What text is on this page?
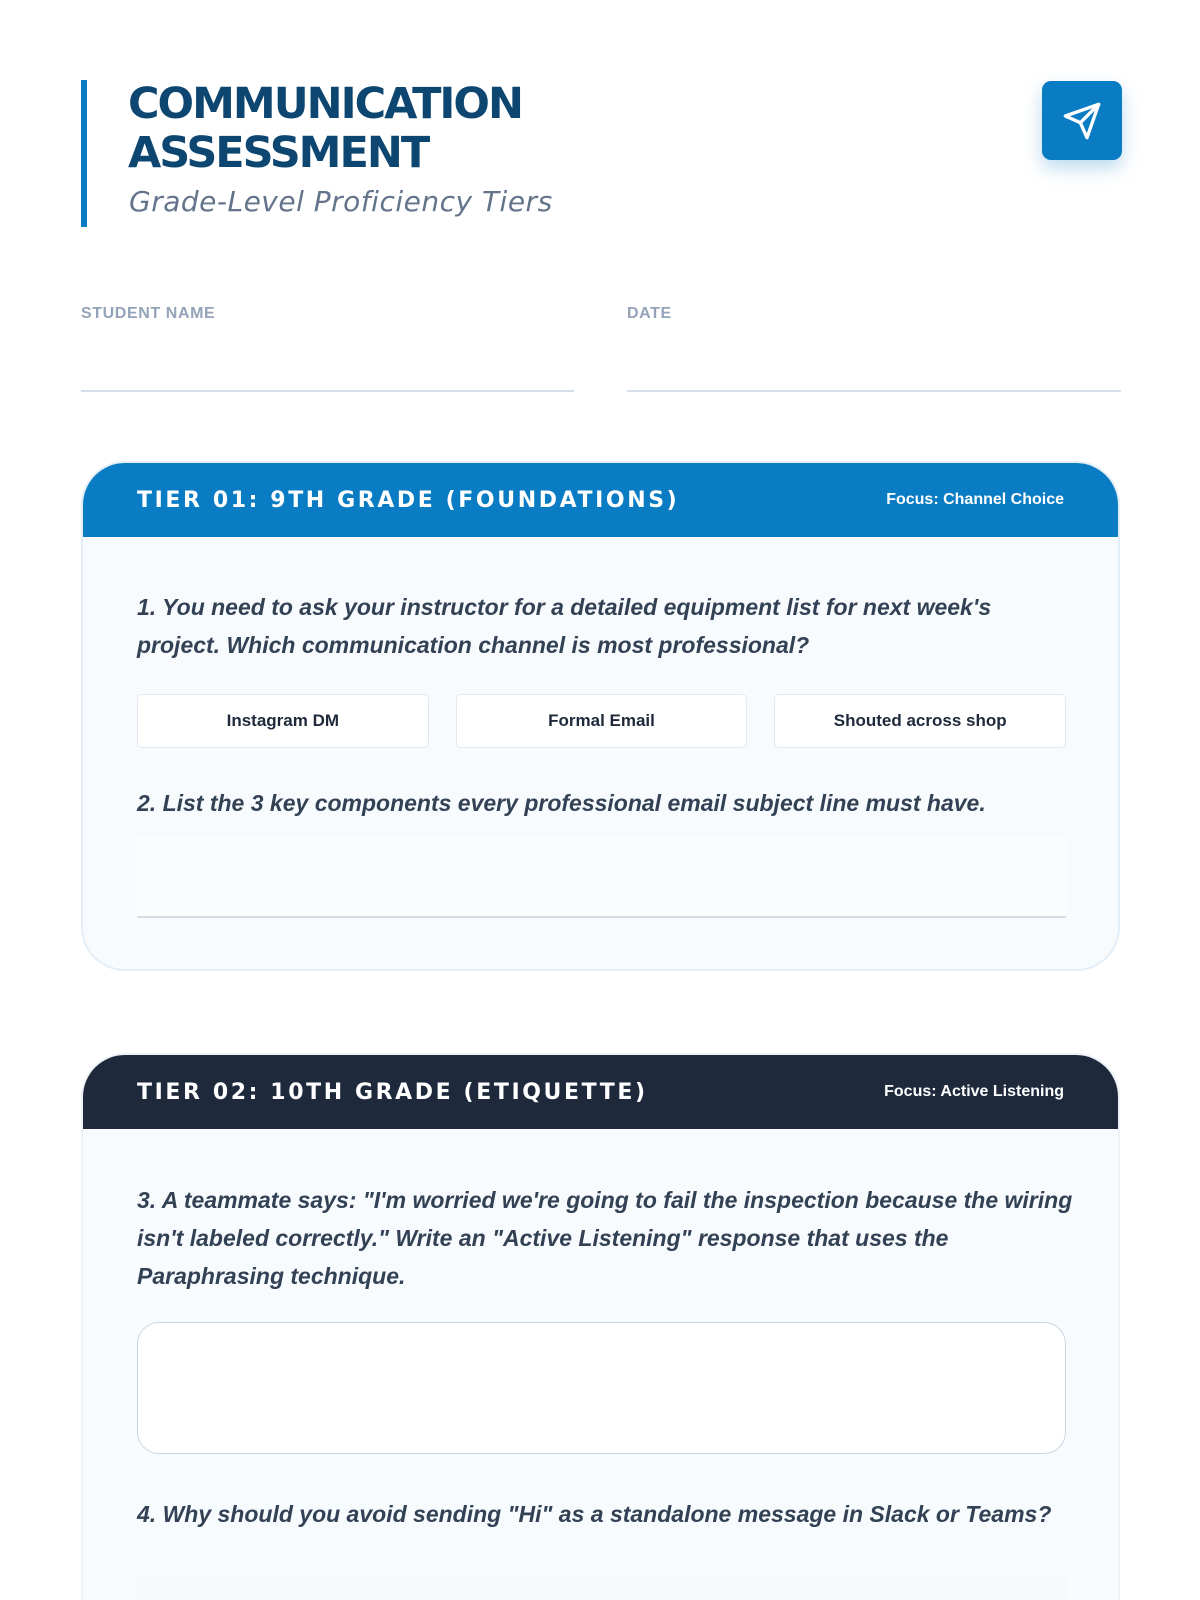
COMMUNICATION
ASSESSMENT
Grade-Level Proficiency Tiers
STUDENT NAME	DATE
TIER 01: 9TH GRADE (FOUNDATIONS)	Focus: Channel Choice
1. You need to ask your instructor for a detailed equipment list for next week's project. Which communication channel is most professional?
Instagram DM	Formal Email	Shouted across shop
2. List the 3 key components every professional email subject line must have.
TIER 02: 10TH GRADE (ETIQUETTE)	Focus: Active Listening
3. A teammate says: "I'm worried we're going to fail the inspection because the wiring isn't labeled correctly." Write an "Active Listening" response that uses the Paraphrasing technique.
4. Why should you avoid sending "Hi" as a standalone message in Slack or Teams?
